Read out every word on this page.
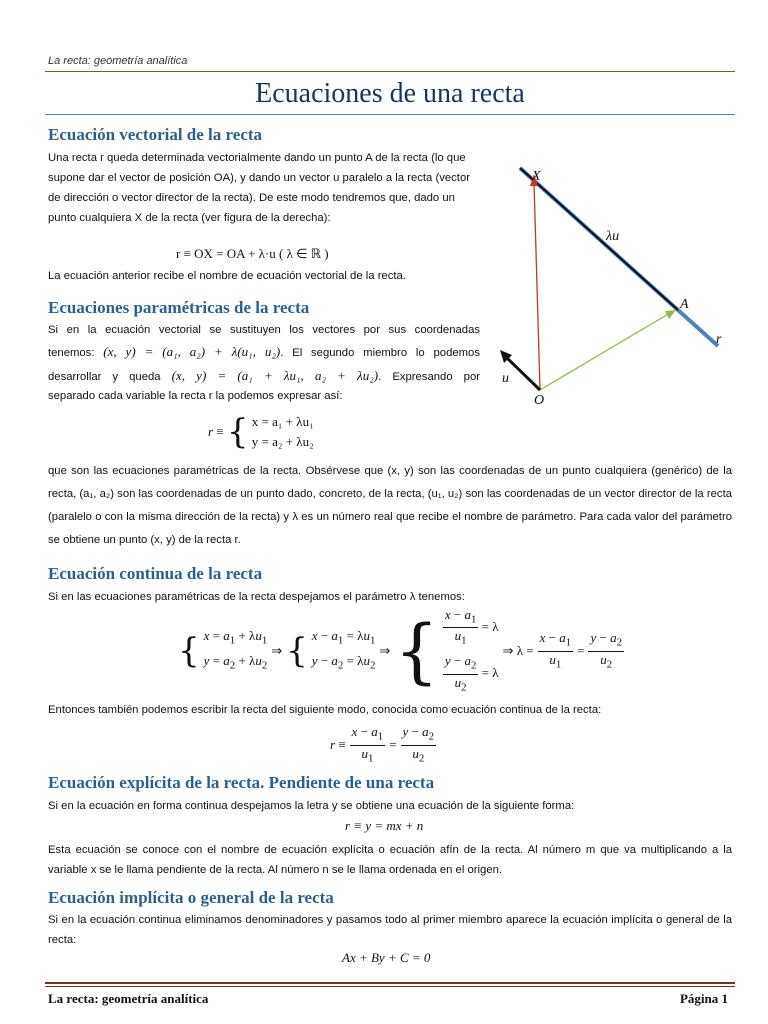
La recta: geometría analítica
Ecuaciones de una recta
Ecuación vectorial de la recta
Una recta r queda determinada vectorialmente dando un punto A de la recta (lo que supone dar el vector de posición OA), y dando un vector u paralelo a la recta (vector de dirección o vector director de la recta). De este modo tendremos que, dado un punto cualquiera X de la recta (ver figura de la derecha):
r ≡ OX = OA + λ·u ( λ ∈ ℝ )
La ecuación anterior recibe el nombre de ecuación vectorial de la recta.
X
A
O
r
u
λu
Ecuaciones paramétricas de la recta
Si en la ecuación vectorial se sustituyen los vectores por sus coordenadas
tenemos: (x, y) = (a₁, a₂) + λ(u₁, u₂). El segundo miembro lo podemos
desarrollar y queda (x, y) = (a₁ + λu₁, a₂ + λu₂). Expresando por
separado cada variable la recta r la podemos expresar así:
r ≡ { x = a₁ + λu₁
y = a₂ + λu₂
que son las ecuaciones paramétricas de la recta. Obsérvese que (x, y) son las coordenadas de un punto cualquiera (genérico) de la recta, (a₁, a₂) son las coordenadas de un punto dado, concreto, de la recta, (u₁, u₂) son las coordenadas de un vector director de la recta (paralelo o con la misma dirección de la recta) y λ es un número real que recibe el nombre de parámetro. Para cada valor del parámetro se obtiene un punto (x, y) de la recta r.
Ecuación continua de la recta
Si en las ecuaciones paramétricas de la recta despejamos el parámetro λ tenemos:
{ $x = a_1 + \lambda u_1$
$y = a_2 + \lambda u_2$
⇒ { $x - a_1 = \lambda u_1$
$y - a_2 = \lambda u_2$
⇒ { $\frac{x - a_1}{u_1} = \lambda$
$\frac{y - a_2}{u_2} = \lambda$
⇒ $\lambda = \frac{x - a_1}{u_1} = \frac{y - a_2}{u_2}$
Entonces también podemos escribir la recta del siguiente modo, conocida como ecuación continua de la recta:
$r \equiv \frac{x - a_1}{u_1} = \frac{y - a_2}{u_2}$
Ecuación explícita de la recta. Pendiente de una recta
Si en la ecuación en forma continua despejamos la letra y se obtiene una ecuación de la siguiente forma:
r ≡ y = mx + n
Esta ecuación se conoce con el nombre de ecuación explícita o ecuación afín de la recta. Al número m que va multiplicando a la variable x se le llama pendiente de la recta. Al número n se le llama ordenada en el origen.
Ecuación implícita o general de la recta
Si en la ecuación continua eliminamos denominadores y pasamos todo al primer miembro aparece la ecuación implícita o general de la recta:
Ax + By + C = 0
La recta: geometría analítica	Página 1
